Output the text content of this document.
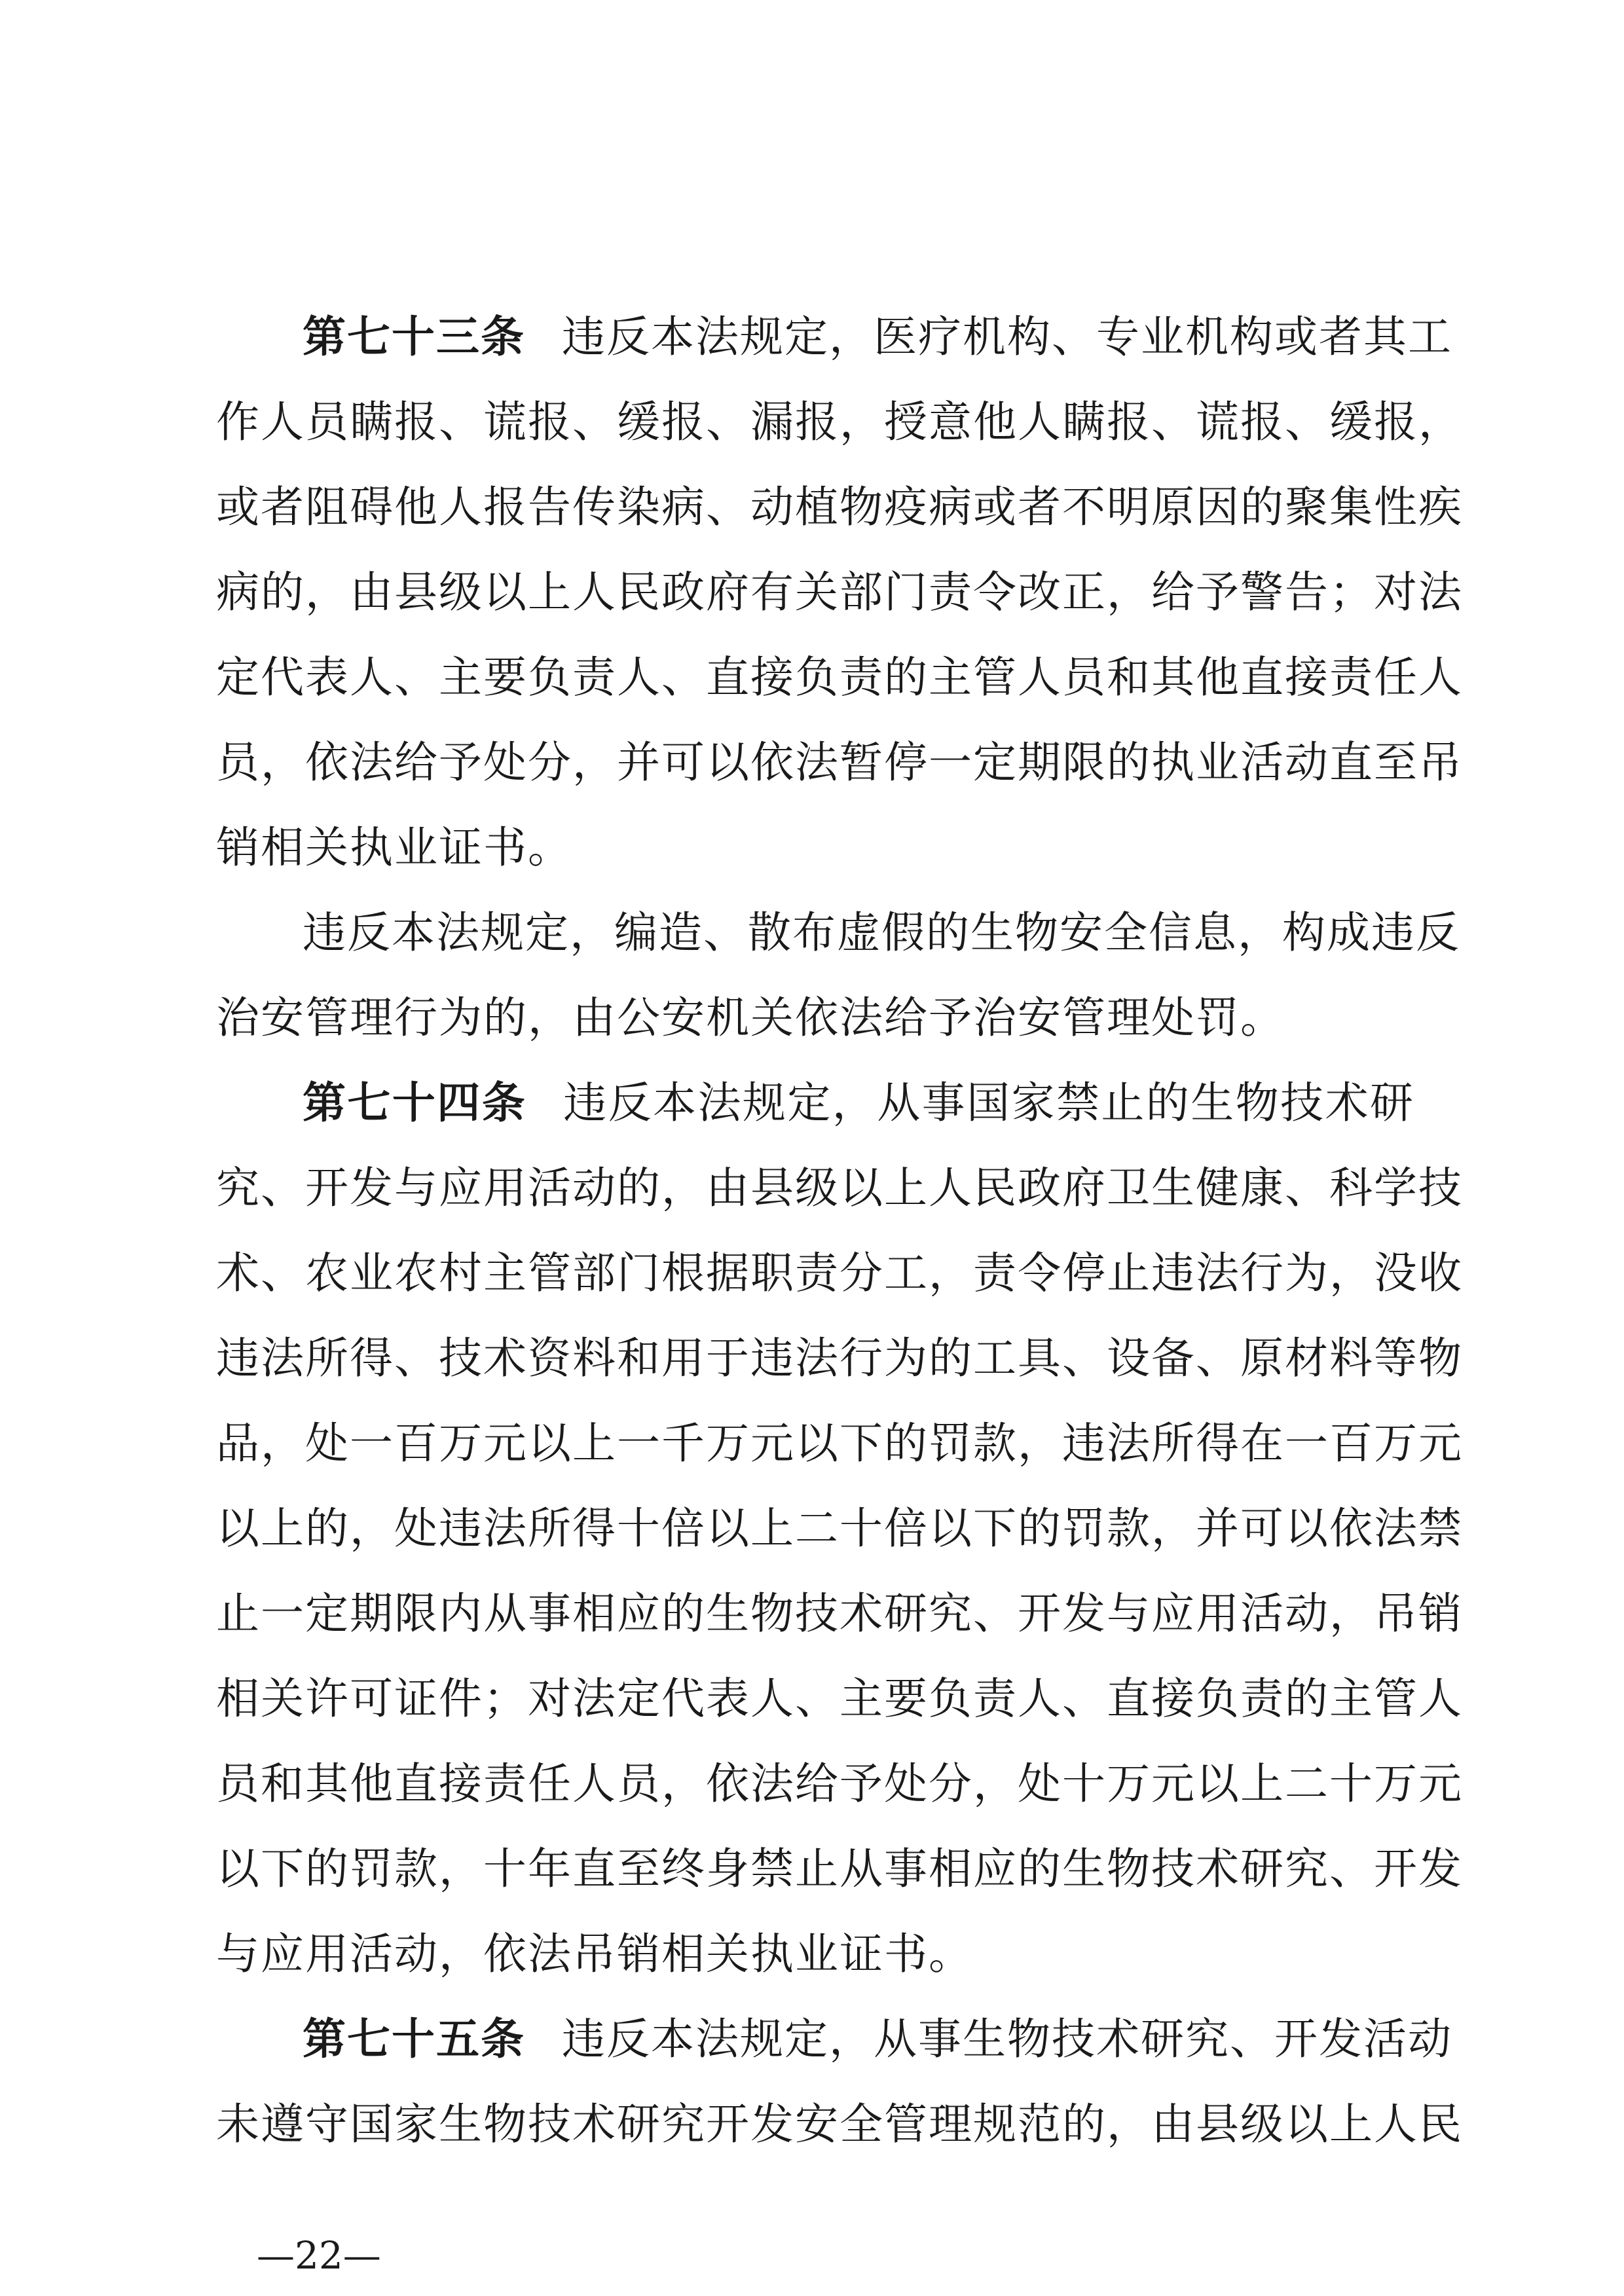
第七十三条 违反本法规定，医疗机构、专业机构或者其工
作人员瞒报、谎报、缓报、漏报，授意他人瞒报、谎报、缓报，
或者阻碍他人报告传染病、动植物疫病或者不明原因的聚集性疾
病的，由县级以上人民政府有关部门责令改正，给予警告；对法
定代表人、主要负责人、直接负责的主管人员和其他直接责任人
员，依法给予处分，并可以依法暂停一定期限的执业活动直至吊
销相关执业证书。
违反本法规定，编造、散布虚假的生物安全信息，构成违反
治安管理行为的，由公安机关依法给予治安管理处罚。
第七十四条 违反本法规定，从事国家禁止的生物技术研
究、开发与应用活动的，由县级以上人民政府卫生健康、科学技
术、农业农村主管部门根据职责分工，责令停止违法行为，没收
违法所得、技术资料和用于违法行为的工具、设备、原材料等物
品，处一百万元以上一千万元以下的罚款，违法所得在一百万元
以上的，处违法所得十倍以上二十倍以下的罚款，并可以依法禁
止一定期限内从事相应的生物技术研究、开发与应用活动，吊销
相关许可证件；对法定代表人、主要负责人、直接负责的主管人
员和其他直接责任人员，依法给予处分，处十万元以上二十万元
以下的罚款，十年直至终身禁止从事相应的生物技术研究、开发
与应用活动，依法吊销相关执业证书。
第七十五条 违反本法规定，从事生物技术研究、开发活动
未遵守国家生物技术研究开发安全管理规范的，由县级以上人民
—22—
